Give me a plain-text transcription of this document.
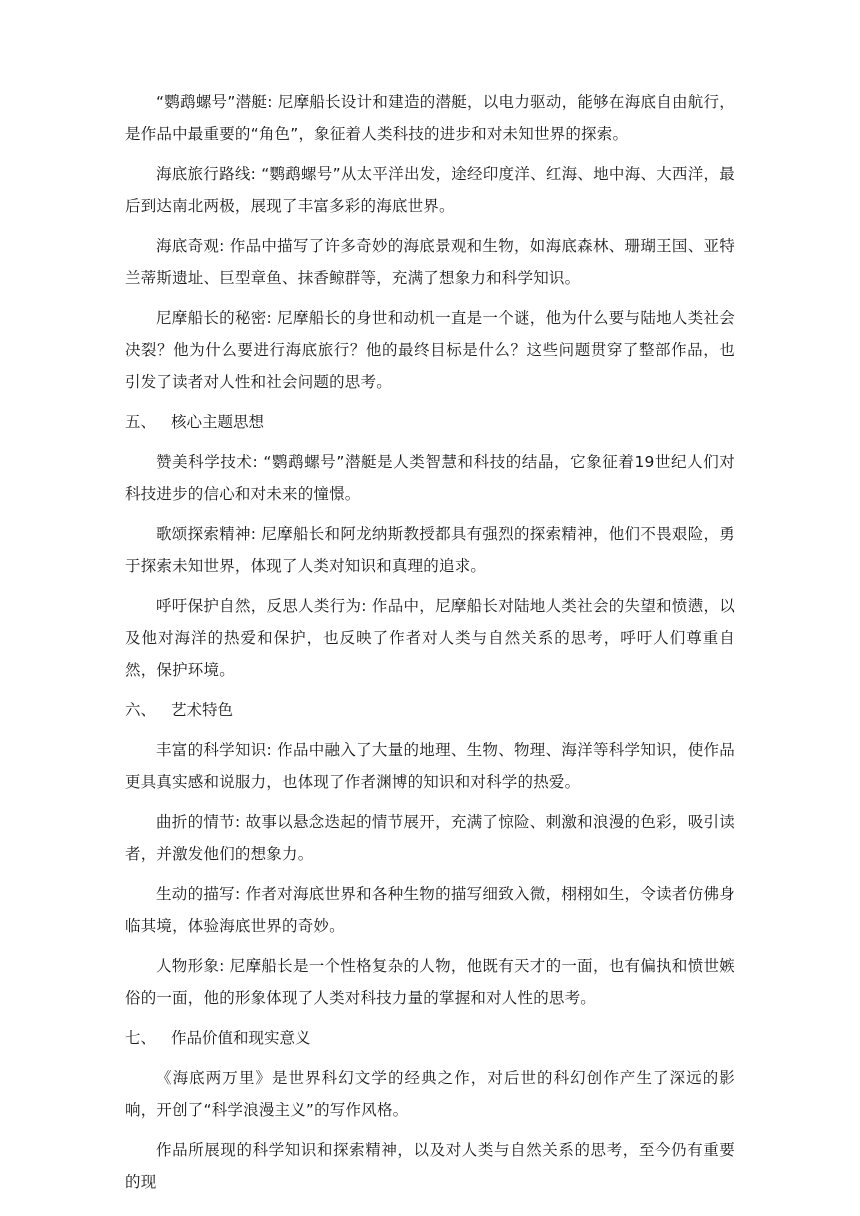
“鹦鹉螺号”潜艇: 尼摩船长设计和建造的潜艇，以电力驱动，能够在海底自由航行，是作品中最重要的“角色”，象征着人类科技的进步和对未知世界的探索。

海底旅行路线: “鹦鹉螺号”从太平洋出发，途经印度洋、红海、地中海、大西洋，最后到达南北两极，展现了丰富多彩的海底世界。

海底奇观: 作品中描写了许多奇妙的海底景观和生物，如海底森林、珊瑚王国、亚特兰蒂斯遗址、巨型章鱼、抹香鲸群等，充满了想象力和科学知识。

尼摩船长的秘密: 尼摩船长的身世和动机一直是一个谜，他为什么要与陆地人类社会决裂？他为什么要进行海底旅行？他的最终目标是什么？这些问题贯穿了整部作品，也引发了读者对人性和社会问题的思考。

五、 核心主题思想

赞美科学技术: “鹦鹉螺号”潜艇是人类智慧和科技的结晶，它象征着19世纪人们对科技进步的信心和对未来的憧憬。

歌颂探索精神: 尼摩船长和阿龙纳斯教授都具有强烈的探索精神，他们不畏艰险，勇于探索未知世界，体现了人类对知识和真理的追求。

呼吁保护自然，反思人类行为: 作品中，尼摩船长对陆地人类社会的失望和愤懑，以及他对海洋的热爱和保护，也反映了作者对人类与自然关系的思考，呼吁人们尊重自然，保护环境。

六、 艺术特色

丰富的科学知识: 作品中融入了大量的地理、生物、物理、海洋等科学知识，使作品更具真实感和说服力，也体现了作者渊博的知识和对科学的热爱。

曲折的情节: 故事以悬念迭起的情节展开，充满了惊险、刺激和浪漫的色彩，吸引读者，并激发他们的想象力。

生动的描写: 作者对海底世界和各种生物的描写细致入微，栩栩如生，令读者仿佛身临其境，体验海底世界的奇妙。

人物形象: 尼摩船长是一个性格复杂的人物，他既有天才的一面，也有偏执和愤世嫉俗的一面，他的形象体现了人类对科技力量的掌握和对人性的思考。

七、 作品价值和现实意义

《海底两万里》是世界科幻文学的经典之作，对后世的科幻创作产生了深远的影响，开创了“科学浪漫主义”的写作风格。

作品所展现的科学知识和探索精神，以及对人类与自然关系的思考，至今仍有重要的现
